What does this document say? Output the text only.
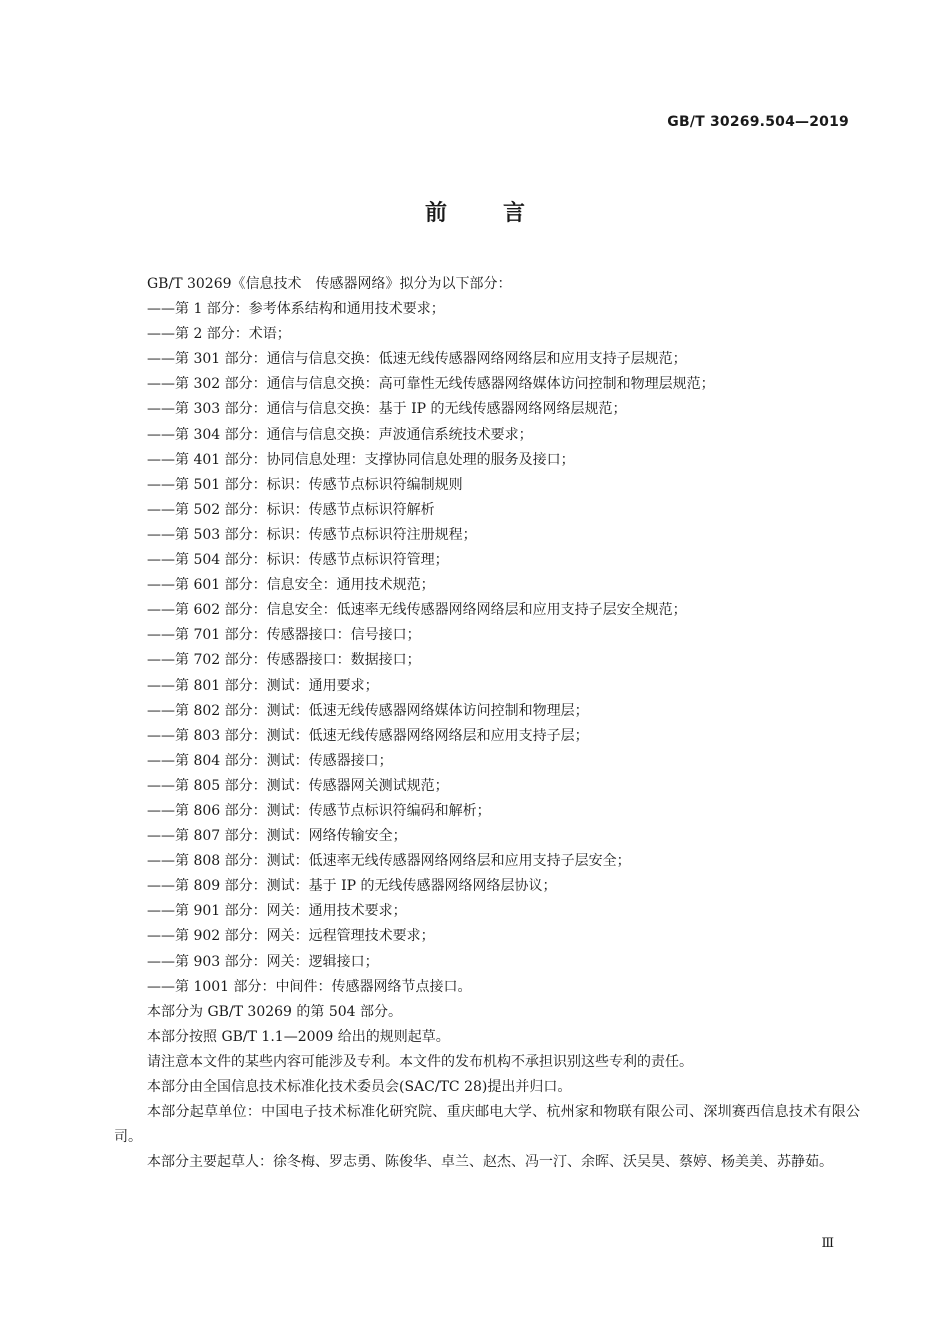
GB/T 30269.504—2019
前言
GB/T 30269《信息技术　传感器网络》拟分为以下部分：
——第 1 部分：参考体系结构和通用技术要求；
——第 2 部分：术语；
——第 301 部分：通信与信息交换：低速无线传感器网络网络层和应用支持子层规范；
——第 302 部分：通信与信息交换：高可靠性无线传感器网络媒体访问控制和物理层规范；
——第 303 部分：通信与信息交换：基于 IP 的无线传感器网络网络层规范；
——第 304 部分：通信与信息交换：声波通信系统技术要求；
——第 401 部分：协同信息处理：支撑协同信息处理的服务及接口；
——第 501 部分：标识：传感节点标识符编制规则
——第 502 部分：标识：传感节点标识符解析
——第 503 部分：标识：传感节点标识符注册规程；
——第 504 部分：标识：传感节点标识符管理；
——第 601 部分：信息安全：通用技术规范；
——第 602 部分：信息安全：低速率无线传感器网络网络层和应用支持子层安全规范；
——第 701 部分：传感器接口：信号接口；
——第 702 部分：传感器接口：数据接口；
——第 801 部分：测试：通用要求；
——第 802 部分：测试：低速无线传感器网络媒体访问控制和物理层；
——第 803 部分：测试：低速无线传感器网络网络层和应用支持子层；
——第 804 部分：测试：传感器接口；
——第 805 部分：测试：传感器网关测试规范；
——第 806 部分：测试：传感节点标识符编码和解析；
——第 807 部分：测试：网络传输安全；
——第 808 部分：测试：低速率无线传感器网络网络层和应用支持子层安全；
——第 809 部分：测试：基于 IP 的无线传感器网络网络层协议；
——第 901 部分：网关：通用技术要求；
——第 902 部分：网关：远程管理技术要求；
——第 903 部分：网关：逻辑接口；
——第 1001 部分：中间件：传感器网络节点接口。
本部分为 GB/T 30269 的第 504 部分。
本部分按照 GB/T 1.1—2009 给出的规则起草。
请注意本文件的某些内容可能涉及专利。本文件的发布机构不承担识别这些专利的责任。
本部分由全国信息技术标准化技术委员会(SAC/TC 28)提出并归口。
本部分起草单位：中国电子技术标准化研究院、重庆邮电大学、杭州家和物联有限公司、深圳赛西信息技术有限公司。
本部分主要起草人：徐冬梅、罗志勇、陈俊华、卓兰、赵杰、冯一汀、余晖、沃吴昊、蔡婷、杨美美、苏静茹。
Ⅲ
